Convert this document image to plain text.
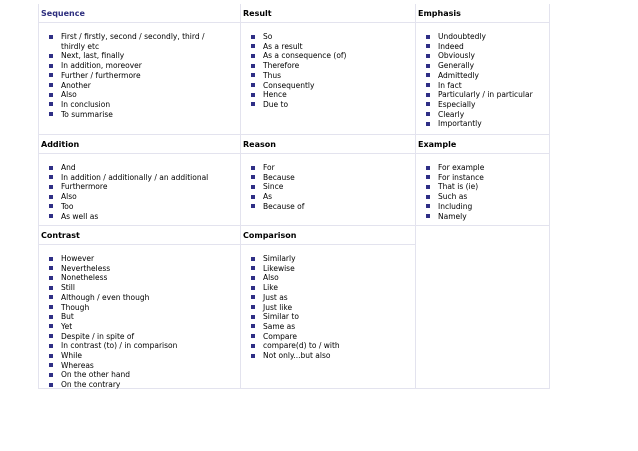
Sequence
First / firstly, second / secondly, third /
thirdly etc
Next, last, finally
In addition, moreover
Further / furthermore
Another
Also
In conclusion
To summarise
Result
So
As a result
As a consequence (of)
Therefore
Thus
Consequently
Hence
Due to
Emphasis
Undoubtedly
Indeed
Obviously
Generally
Admittedly
In fact
Particularly / in particular
Especially
Clearly
Importantly
Addition
And
In addition / additionally / an additional
Furthermore
Also
Too
As well as
Reason
For
Because
Since
As
Because of
Example
For example
For instance
That is (ie)
Such as
Including
Namely
Contrast
However
Nevertheless
Nonetheless
Still
Although / even though
Though
But
Yet
Despite / in spite of
In contrast (to) / in comparison
While
Whereas
On the other hand
On the contrary
Comparison
Similarly
Likewise
Also
Like
Just as
Just like
Similar to
Same as
Compare
compare(d) to / with
Not only...but also
